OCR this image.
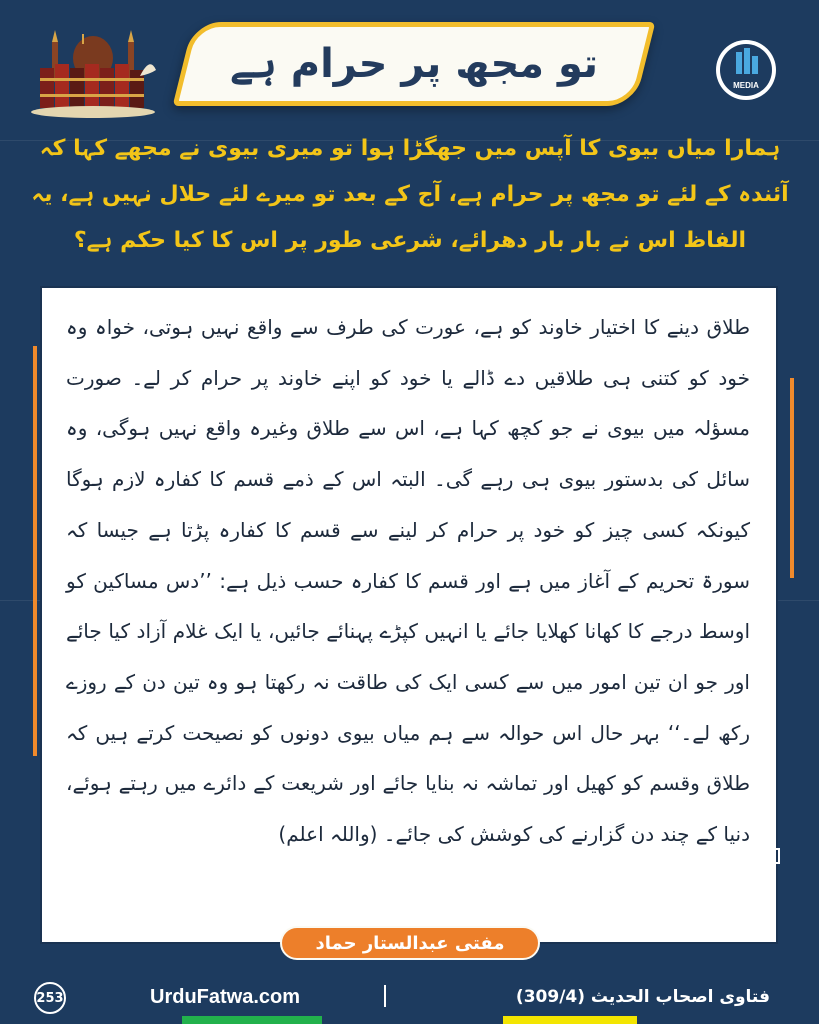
تو مجھ پر حرام ہے	MEDIA
ہمارا میاں بیوی کا آپس میں جھگڑا ہوا تو میری بیوی نے مجھے کہا کہ آئندہ کے لئے تو مجھ پر حرام ہے، آج کے بعد تو میرے لئے حلال نہیں ہے، یہ الفاظ اس نے بار بار دھرائے، شرعی طور پر اس کا کیا حکم ہے؟
طلاق دینے کا اختیار خاوند کو ہے، عورت کی طرف سے واقع نہیں ہوتی، خواہ وہ خود کو کتنی ہی طلاقیں دے ڈالے یا خود کو اپنے خاوند پر حرام کر لے۔ صورت مسؤلہ میں بیوی نے جو کچھ کہا ہے، اس سے طلاق وغیرہ واقع نہیں ہوگی، وہ سائل کی بدستور بیوی ہی رہے گی۔ البتہ اس کے ذمے قسم کا کفارہ لازم ہوگا کیونکہ کسی چیز کو خود پر حرام کر لینے سے قسم کا کفارہ پڑتا ہے جیسا کہ سورۃ تحریم کے آغاز میں ہے اور قسم کا کفارہ حسب ذیل ہے: ’’دس مساکین کو اوسط درجے کا کھانا کھلایا جائے یا انہیں کپڑے پہنائے جائیں، یا ایک غلام آزاد کیا جائے اور جو ان تین امور میں سے کسی ایک کی طاقت نہ رکھتا ہو وہ تین دن کے روزے رکھ لے۔‘‘ بہر حال اس حوالہ سے ہم میاں بیوی دونوں کو نصیحت کرتے ہیں کہ طلاق وقسم کو کھیل اور تماشہ نہ بنایا جائے اور شریعت کے دائرے میں رہتے ہوئے، دنیا کے چند دن گزارنے کی کوشش کی جائے۔ (واللہ اعلم)
مفتی عبدالستار حماد
253	UrduFatwa.com	فتاوی اصحاب الحدیث (309/4)
